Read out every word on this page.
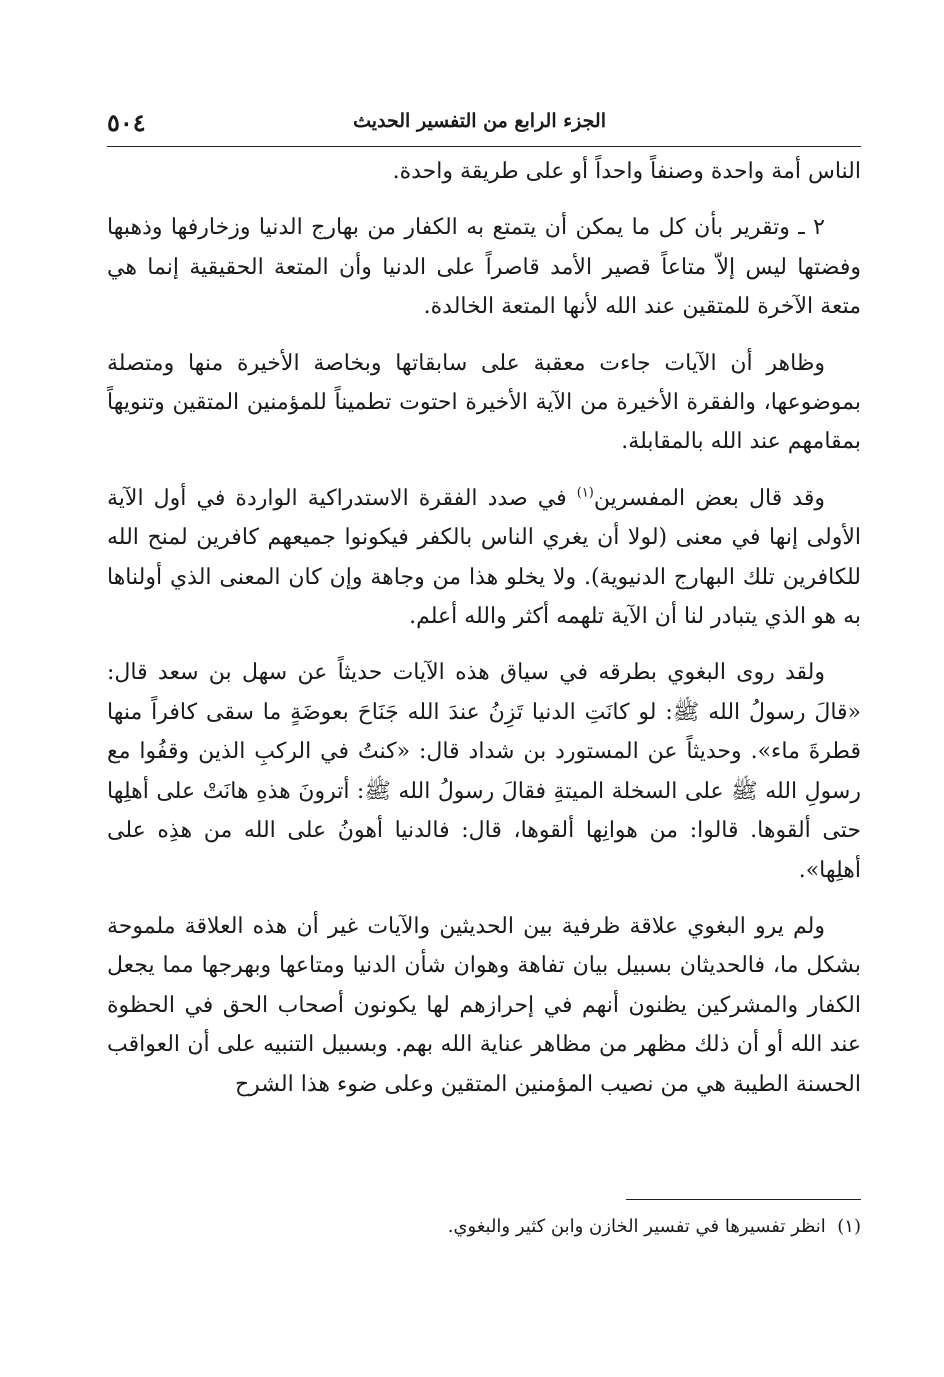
الجزء الرابع من التفسير الحديث
٥٠٤

الناس أمة واحدة وصنفاً واحداً أو على طريقة واحدة.

٢ ـ وتقرير بأن كل ما يمكن أن يتمتع به الكفار من بهارج الدنيا وزخارفها وذهبها وفضتها ليس إلاّ متاعاً قصير الأمد قاصراً على الدنيا وأن المتعة الحقيقية إنما هي متعة الآخرة للمتقين عند الله لأنها المتعة الخالدة.

وظاهر أن الآيات جاءت معقبة على سابقاتها وبخاصة الأخيرة منها ومتصلة بموضوعها، والفقرة الأخيرة من الآية الأخيرة احتوت تطميناً للمؤمنين المتقين وتنويهاً بمقامهم عند الله بالمقابلة.

وقد قال بعض المفسرين$^{(١)}$ في صدد الفقرة الاستدراكية الواردة في أول الآية الأولى إنها في معنى (لولا أن يغري الناس بالكفر فيكونوا جميعهم كافرين لمنح الله للكافرين تلك البهارج الدنيوية). ولا يخلو هذا من وجاهة وإن كان المعنى الذي أولناها به هو الذي يتبادر لنا أن الآية تلهمه أكثر والله أعلم.

ولقد روى البغوي بطرقه في سياق هذه الآيات حديثاً عن سهل بن سعد قال: «قالَ رسولُ الله ﷺ: لو كانَتِ الدنيا تَزِنُ عندَ الله جَنَاحَ بعوضَةٍ ما سقى كافراً منها قطرةَ ماء». وحديثاً عن المستورد بن شداد قال: «كنتُ في الركبِ الذين وقفُوا مع رسولِ الله ﷺ على السخلة الميتةِ فقالَ رسولُ الله ﷺ: أترونَ هذهِ هانَتْ على أهلِها حتى ألقوها. قالوا: من هوانِها ألقوها، قال: فالدنيا أهونُ على الله من هذِه على أهلِها».

ولم يرو البغوي علاقة ظرفية بين الحديثين والآيات غير أن هذه العلاقة ملموحة بشكل ما، فالحديثان بسبيل بيان تفاهة وهوان شأن الدنيا ومتاعها وبهرجها مما يجعل الكفار والمشركين يظنون أنهم في إحرازهم لها يكونون أصحاب الحق في الحظوة عند الله أو أن ذلك مظهر من مظاهر عناية الله بهم. وبسبيل التنبيه على أن العواقب الحسنة الطيبة هي من نصيب المؤمنين المتقين وعلى ضوء هذا الشرح

(١)  انظر تفسيرها في تفسير الخازن وابن كثير والبغوي.
